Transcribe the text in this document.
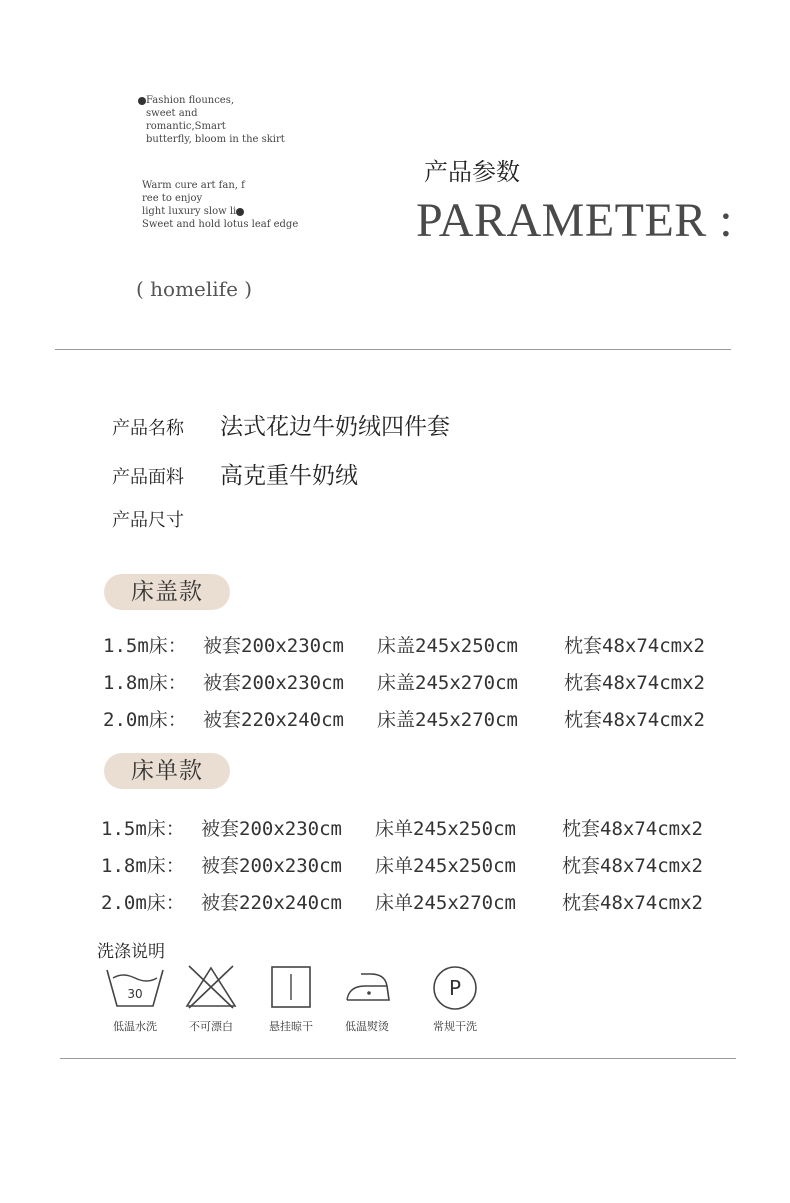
Fashion flounces,
sweet and
romantic,Smart
butterfly, bloom in the skirt
Warm cure art fan, f
ree to enjoy
light luxury slow li
Sweet and hold lotus leaf edge
( homelife )
产品参数
PARAMETER :
产品名称 法式花边牛奶绒四件套
产品面料 高克重牛奶绒
产品尺寸
床盖款
1.5m床： 被套200x230cm 床盖245x250cm 枕套48x74cmx2
1.8m床： 被套200x230cm 床盖245x270cm 枕套48x74cmx2
2.0m床： 被套220x240cm 床盖245x270cm 枕套48x74cmx2
床单款
1.5m床： 被套200x230cm 床单245x250cm 枕套48x74cmx2
1.8m床： 被套200x230cm 床单245x250cm 枕套48x74cmx2
2.0m床： 被套220x240cm 床单245x270cm 枕套48x74cmx2
洗涤说明
30
低温水洗	不可漂白	悬挂晾干	低温熨烫
P
常规干洗
